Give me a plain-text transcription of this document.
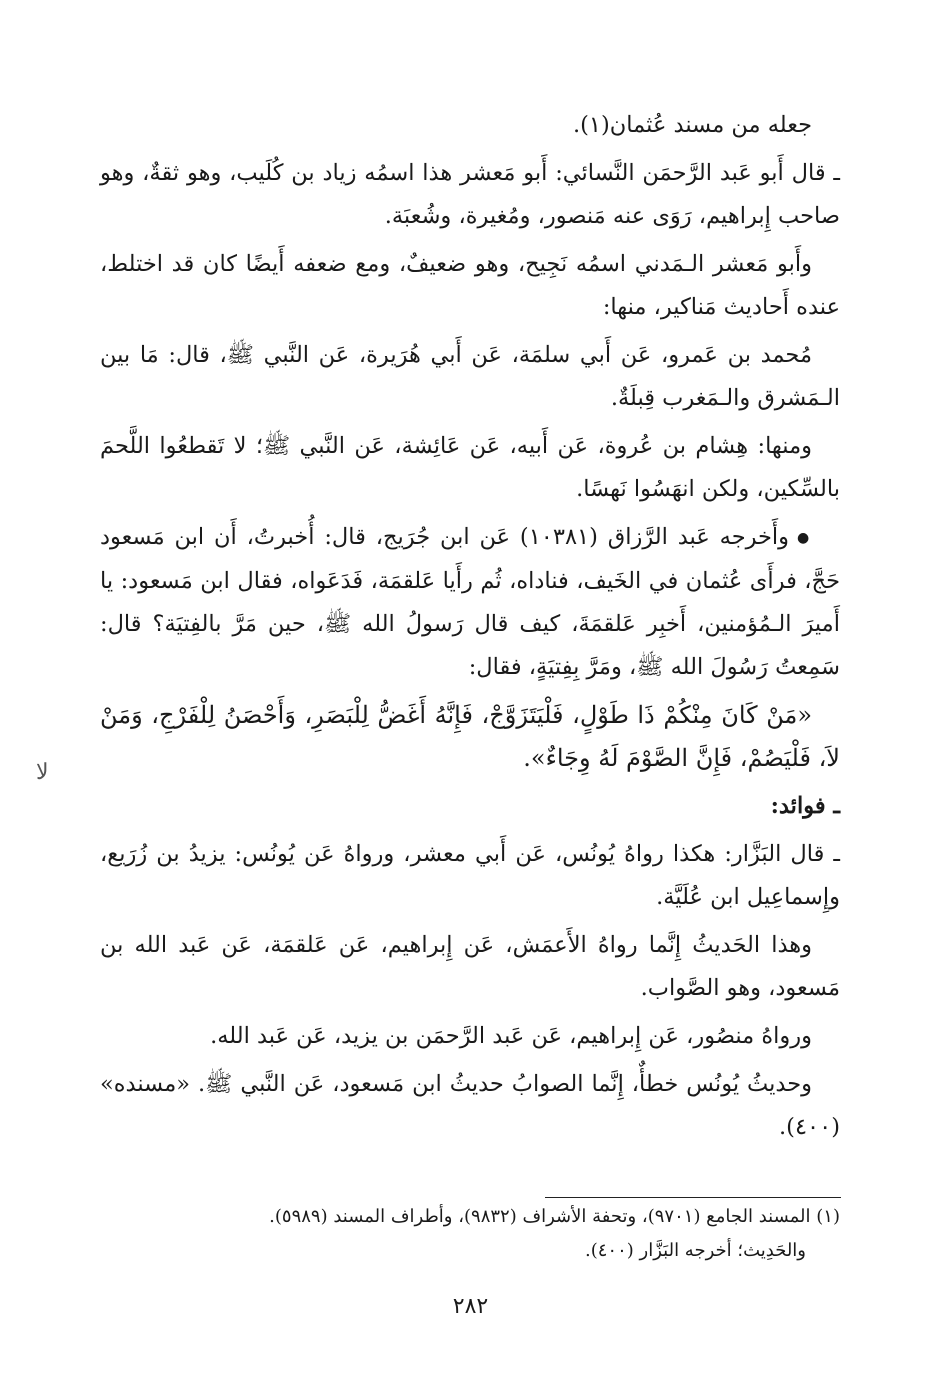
جعله من مسند عُثمان(١).

ـ قال أَبو عَبد الرَّحمَن النَّسائي: أَبو مَعشر هذا اسمُه زياد بن كُلَيب، وهو ثقةٌ، وهو صاحب إِبراهيم، رَوَى عنه مَنصور، ومُغيرة، وشُعبَة.

وأَبو مَعشر الـمَدني اسمُه نَجِيح، وهو ضعيفٌ، ومع ضعفه أَيضًا كان قد اختلط، عنده أَحاديث مَناكير، منها:

مُحمد بن عَمرو، عَن أَبي سلمَة، عَن أَبي هُرَيرة، عَن النَّبي ﷺ، قال: مَا بين الـمَشرق والـمَغرب قِبلَةٌ.

ومنها: هِشام بن عُروة، عَن أَبيه، عَن عَائِشة، عَن النَّبي ﷺ؛ لا تَقطعُوا اللَّحمَ بالسِّكين، ولكن انهَسُوا نَهسًا.

● وأَخرجه عَبد الرَّزاق (١٠٣٨١) عَن ابن جُرَيج، قال: أُخبرتُ، أَن ابن مَسعود حَجَّ، فرأَى عُثمان في الخَيف، فناداه، ثُم رأَيا عَلقمَة، فَدَعَواه، فقال ابن مَسعود: يا أَميرَ الـمُؤمنين، أَخبِر عَلقمَةَ، كيف قال رَسولُ الله ﷺ، حين مَرَّ بالفِتيَة؟ قال: سَمِعتُ رَسُولَ الله ﷺ، ومَرَّ بِفِتيَةٍ، فقال:

«مَنْ كَانَ مِنْكُمْ ذَا طَوْلٍ، فَلْيَتَزَوَّجْ، فَإِنَّهُ أَغَضُّ لِلْبَصَرِ، وَأَحْصَنُ لِلْفَرْجِ، وَمَنْ لاَ، فَلْيَصُمْ، فَإِنَّ الصَّوْمَ لَهُ وِجَاءٌ».

ـ فوائد:

ـ قال البَزَّار: هكذا رواهُ يُونُس، عَن أَبي معشر، ورواهُ عَن يُونُس: يزيدُ بن زُرَيع، وإِسماعِيل ابن عُلَيَّة.

وهذا الحَديثُ إِنَّما رواهُ الأَعمَش، عَن إِبراهيم، عَن عَلقمَة، عَن عَبد الله بن مَسعود، وهو الصَّواب.

ورواهُ منصُور، عَن إِبراهيم، عَن عَبد الرَّحمَن بن يزيد، عَن عَبد الله.

وحديثُ يُونُس خطأٌ، إِنَّما الصوابُ حديثُ ابن مَسعود، عَن النَّبي ﷺ. «مسنده» (٤٠٠).

ﻻ

(١) المسند الجامع (٩٧٠١)، وتحفة الأشراف (٩٨٣٢)، وأطراف المسند (٥٩٨٩).

والحَدِيث؛ أخرجه البَزَّار (٤٠٠).

٢٨٢
